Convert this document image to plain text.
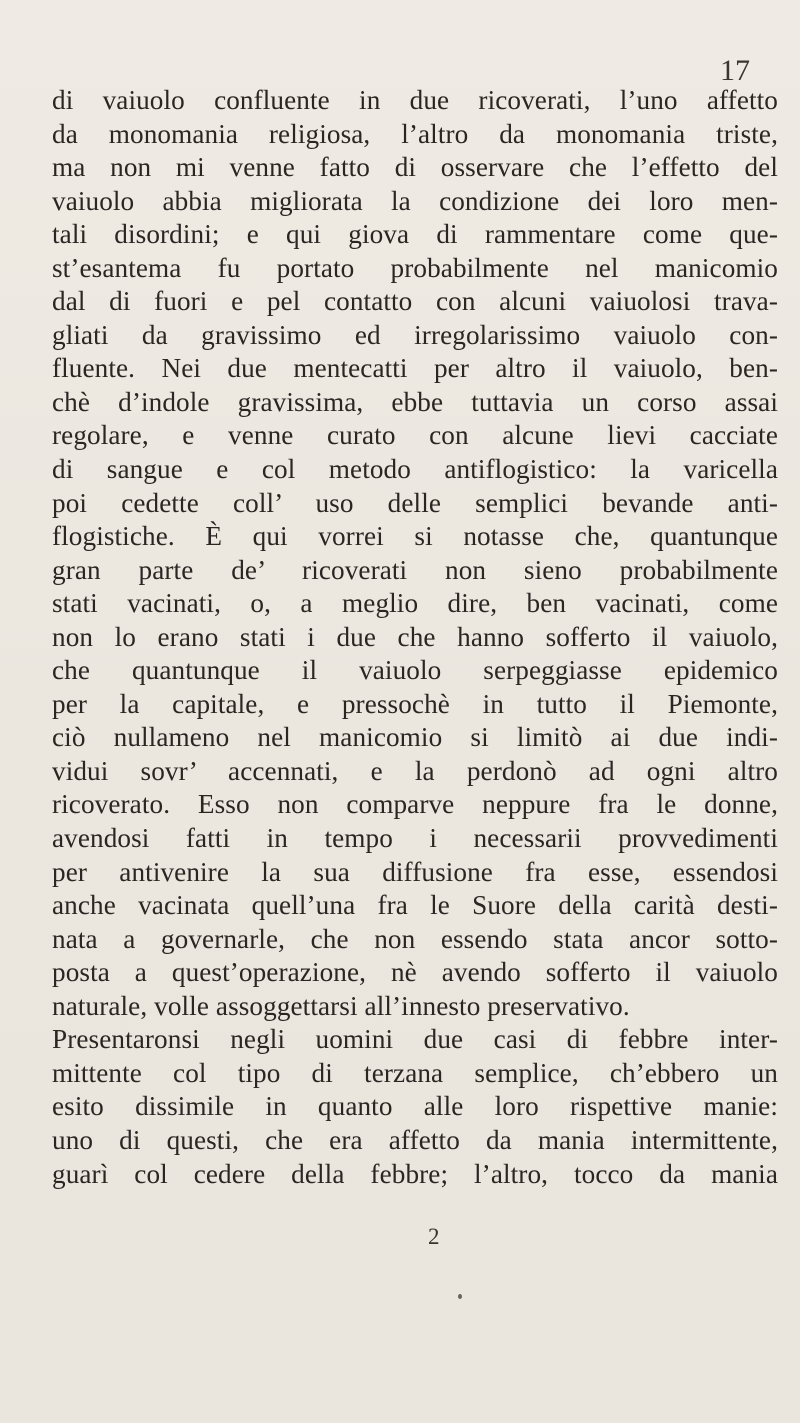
17
di vaiuolo confluente in due ricoverati, l’uno affetto
da monomania religiosa, l’altro da monomania triste,
ma non mi venne fatto di osservare che l’effetto del
vaiuolo abbia migliorata la condizione dei loro men-
tali disordini; e qui giova di rammentare come que-
st’esantema fu portato probabilmente nel manicomio
dal di fuori e pel contatto con alcuni vaiuolosi trava-
gliati da gravissimo ed irregolarissimo vaiuolo con-
fluente. Nei due mentecatti per altro il vaiuolo, ben-
chè d’indole gravissima, ebbe tuttavia un corso assai
regolare, e venne curato con alcune lievi cacciate
di sangue e col metodo antiflogistico: la varicella
poi cedette coll’ uso delle semplici bevande anti-
flogistiche. È qui vorrei si notasse che, quantunque
gran parte de’ ricoverati non sieno probabilmente
stati vacinati, o, a meglio dire, ben vacinati, come
non lo erano stati i due che hanno sofferto il vaiuolo,
che quantunque il vaiuolo serpeggiasse epidemico
per la capitale, e pressochè in tutto il Piemonte,
ciò nullameno nel manicomio si limitò ai due indi-
vidui sovr’ accennati, e la perdonò ad ogni altro
ricoverato. Esso non comparve neppure fra le donne,
avendosi fatti in tempo i necessarii provvedimenti
per antivenire la sua diffusione fra esse, essendosi
anche vacinata quell’una fra le Suore della carità desti-
nata a governarle, che non essendo stata ancor sotto-
posta a quest’operazione, nè avendo sofferto il vaiuolo
naturale, volle assoggettarsi all’innesto preservativo.
Presentaronsi negli uomini due casi di febbre inter-
mittente col tipo di terzana semplice, ch’ebbero un
esito dissimile in quanto alle loro rispettive manie:
uno di questi, che era affetto da mania intermittente,
guarì col cedere della febbre; l’altro, tocco da mania
2
